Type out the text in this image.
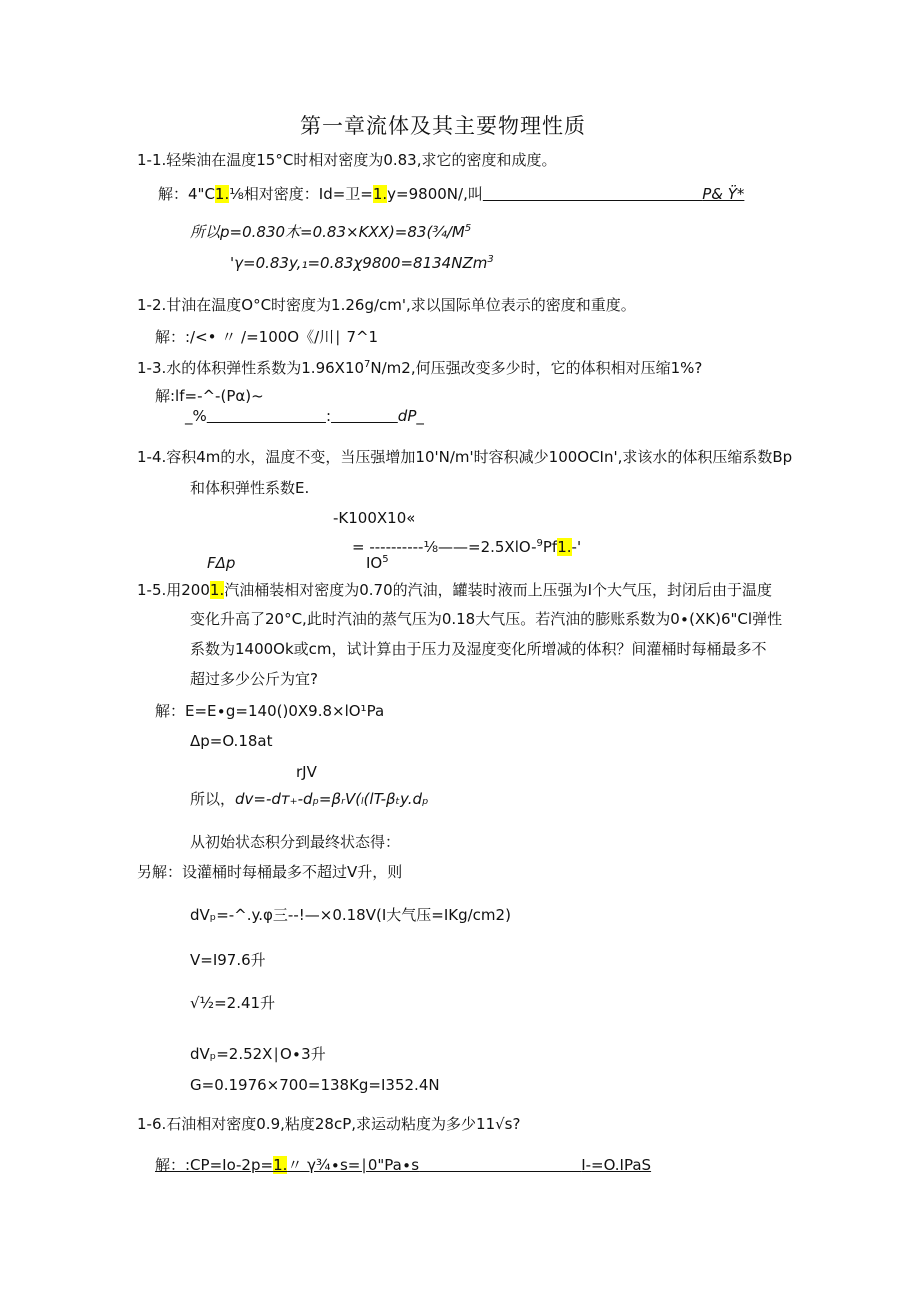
第一章流体及其主要物理性质
1-1.轻柴油在温度15°C时相对密度为0.83,求它的密度和成度。
解：4"C1.⅛相对密度：Id=卫=1.y=9800N/,叫	P& Ÿ*
所以p=0.830木$=0.83\times KXX)=83(\frac{3}{4}∕M^5$
'γ=0.83y,₁=0.83χ9800=8134NZm$^3$
1-2.甘油在温度O°C时密度为1.26g∕cm',求以国际单位表示的密度和重度。
解：:/<• 〃 /=100O《/川∣ 7^1
1-3.水的体积弹性系数为$1.96X10^7N∕m2$,何压强改变多少时，它的体积相对压缩1%?
解:lf=-^-(Pα)~
_%	:	dP_
1-4.容积4m的水，温度不变，当压强增加10'N∕m'时容积减少100OCIn',求该水的体积压缩系数Bp
和体积弹性系数E.
-K100X10«
= ----------⅛——=2.5XlO-$^9$Pf1.-'
FΔp	$IO^5$
1-5.用2001.汽油桶装相对密度为0.70的汽油，罐装时液而上压强为I个大气压，封闭后由于温度
变化升高了20°C,此时汽油的蒸气压为0.18大气压。若汽油的膨账系数为0∙(XK)6"Cl弹性
系数为1400Ok或cm，试计算由于压力及湿度变化所增减的体积？间灌桶时每桶最多不
超过多少公斤为宜?
解：E=E∙g=140()0X9.8×lO¹Pa
Δp=O.18at
rJV
所以，dv=-dт₊-dₚ=βᵣV(ₗ(lT-βₜy.dₚ
从初始状态积分到最终状态得：
另解：设灌桶时每桶最多不超过V升，则
dVₚ=-^.y.φ三--!—×0.18V(I大气压=IKg/cm2)
V=I97.6升
√½=2.41升
dVₚ=2.52X∣O∙3升
G=0.1976×700=138Kg=I352.4N
1-6.石油相对密度0.9,粘度28cP,求运动粘度为多少11√s?
解：:CP=Io-2p=1.〃 γ¾∙s=∣0"Pa∙s	I-=O.IPaS
